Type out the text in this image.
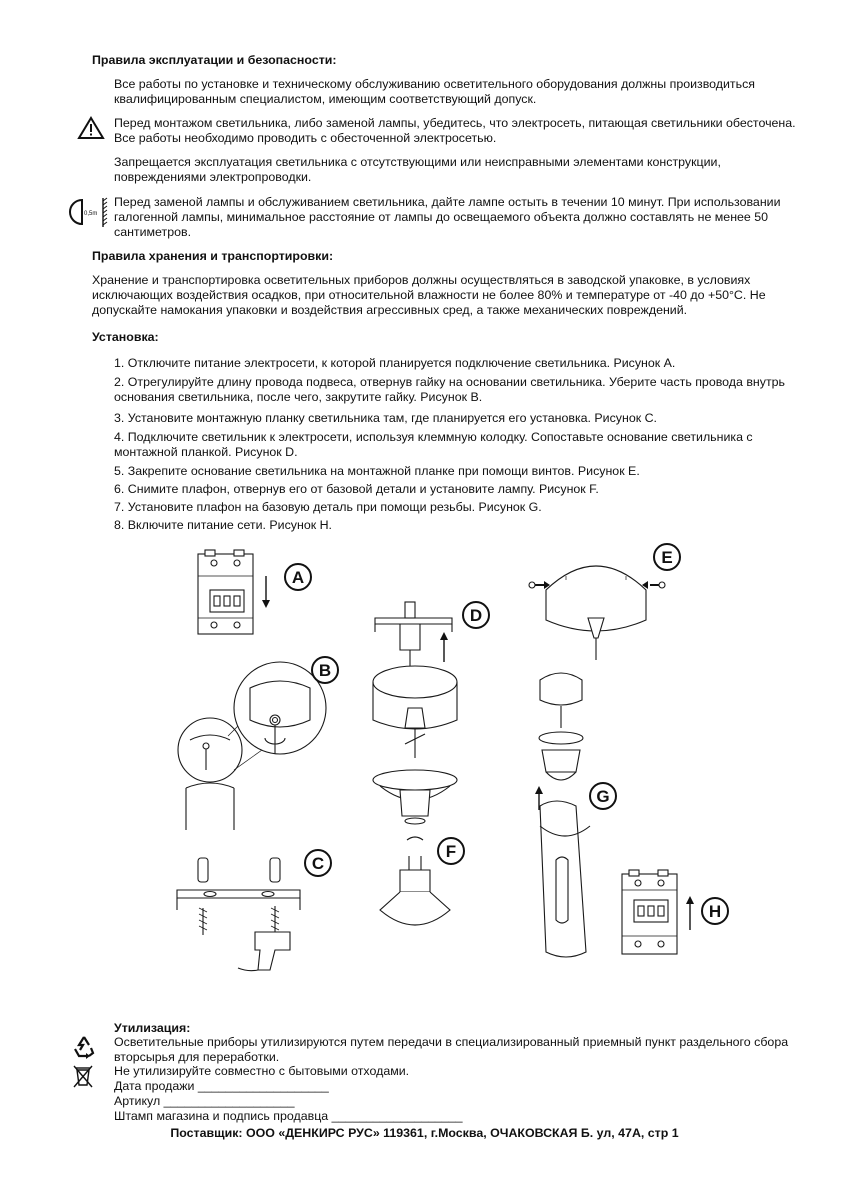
Правила эксплуатации и безопасности:
Все работы по установке и техническому обслуживанию осветительного оборудования должны производиться квалифицированным специалистом, имеющим соответствующий допуск.
Перед монтажом светильника, либо заменой лампы, убедитесь, что электросеть, питающая светильники обесточена. Все работы необходимо проводить с обесточенной электросетью.
Запрещается эксплуатация светильника с отсутствующими или неисправными элементами конструкции, повреждениями электропроводки.
0,5m
Перед заменой лампы и обслуживанием светильника, дайте лампе остыть в течении 10 минут. При использовании галогенной лампы, минимальное расстояние от лампы до освещаемого объекта должно составлять не менее 50 сантиметров.
Правила хранения и транспортировки:
Хранение и транспортировка осветительных приборов должны осуществляться в заводской упаковке, в условиях исключающих воздействия осадков, при относительной влажности не более 80% и температуре от -40 до +50°С. Не допускайте намокания упаковки и воздействия агрессивных сред, а также механических повреждений.
Установка:
1. Отключите питание электросети, к которой планируется подключение светильника. Рисунок A.
2. Отрегулируйте длину провода подвеса, отвернув гайку на основании светильника. Уберите часть провода внутрь основания светильника, после чего, закрутите гайку. Рисунок B.
3. Установите монтажную планку светильника там, где планируется его установка. Рисунок C.
4. Подключите светильник к электросети, используя клеммную колодку. Сопоставьте основание светильника с монтажной планкой. Рисунок D.
5. Закрепите основание светильника на монтажной планке при помощи винтов. Рисунок E.
6. Снимите плафон, отвернув его от базовой детали и установите лампу. Рисунок F.
7. Установите плафон на базовую деталь при помощи резьбы. Рисунок G.
8. Включите питание сети. Рисунок H.
A
B
C
D
F
E
G
H
Утилизация:
Осветительные приборы утилизируются путем передачи в специализированный приемный пункт раздельного сбора вторсырья для переработки.
Не утилизируйте совместно с бытовыми отходами.
Дата продажи ___________________
Артикул ___________________
Штамп магазина и подпись продавца ___________________
Поставщик: ООО «ДЕНКИРС РУС» 119361, г.Москва, ОЧАКОВСКАЯ Б. ул, 47А, стр 1
